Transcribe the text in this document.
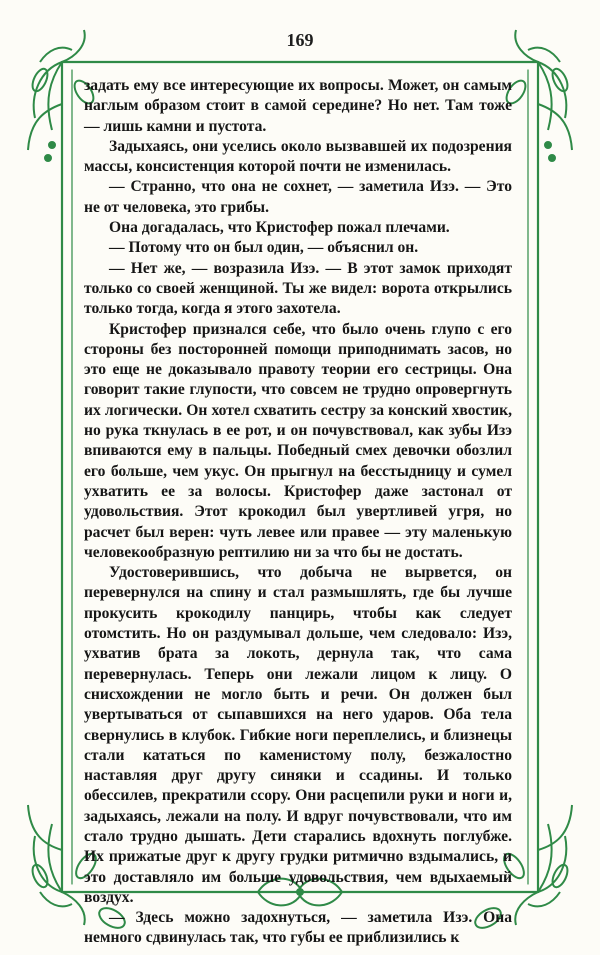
169

задать ему все интересующие их вопросы. Может, он самым наглым образом стоит в самой середине? Но нет. Там тоже — лишь камни и пустота.

Задыхаясь, они уселись около вызвавшей их подозрения массы, консистенция которой почти не изменилась.

— Странно, что она не сохнет, — заметила Изэ. — Это не от человека, это грибы.

Она догадалась, что Кристофер пожал плечами.

— Потому что он был один, — объяснил он.

— Нет же, — возразила Изэ. — В этот замок приходят только со своей женщиной. Ты же видел: ворота открылись только тогда, когда я этого захотела.

Кристофер признался себе, что было очень глупо с его стороны без посторонней помощи приподнимать засов, но это еще не доказывало правоту теории его сестрицы. Она говорит такие глупости, что совсем не трудно опровергнуть их логически. Он хотел схватить сестру за конский хвостик, но рука ткнулась в ее рот, и он почувствовал, как зубы Изэ впиваются ему в пальцы. Победный смех девочки обозлил его больше, чем укус. Он прыгнул на бесстыдницу и сумел ухватить ее за волосы. Кристофер даже застонал от удовольствия. Этот крокодил был увертливей угря, но расчет был верен: чуть левее или правее — эту маленькую человекообразную рептилию ни за что бы не достать.

Удостоверившись, что добыча не вырвется, он перевернулся на спину и стал размышлять, где бы лучше прокусить крокодилу панцирь, чтобы как следует отомстить. Но он раздумывал дольше, чем следовало: Изэ, ухватив брата за локоть, дернула так, что сама перевернулась. Теперь они лежали лицом к лицу. О снисхождении не могло быть и речи. Он должен был увертываться от сыпавшихся на него ударов. Оба тела свернулись в клубок. Гибкие ноги переплелись, и близнецы стали кататься по каменистому полу, безжалостно наставляя друг другу синяки и ссадины. И только обессилев, прекратили ссору. Они расцепили руки и ноги и, задыхаясь, лежали на полу. И вдруг почувствовали, что им стало трудно дышать. Дети старались вдохнуть поглубже. Их прижатые друг к другу грудки ритмично вздымались, и это доставляло им больше удовольствия, чем вдыхаемый воздух.

— Здесь можно задохнуться, — заметила Изэ. Она немного сдвинулась так, что губы ее приблизились к
